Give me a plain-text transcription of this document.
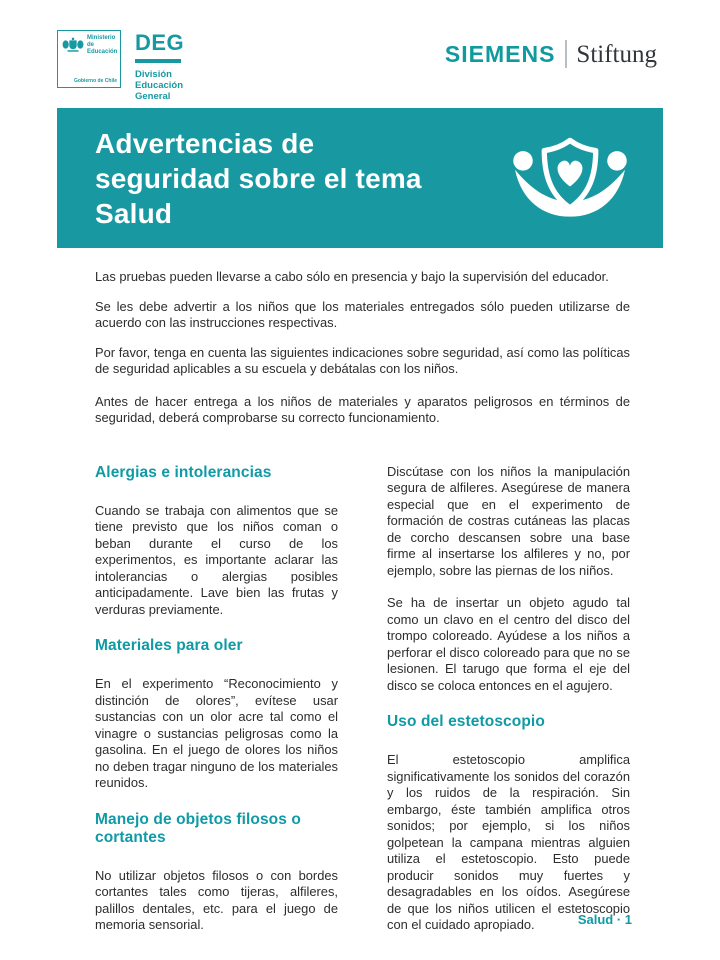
Ministerio de
Educación
Gobierno de Chile
DEG
División
Educación
General
SIEMENS Stiftung
Advertencias de
seguridad sobre el tema
Salud

Las pruebas pueden llevarse a cabo sólo en presencia y bajo la supervisión del educador.

Se les debe advertir a los niños que los materiales entregados sólo pueden utilizarse de acuerdo con las instrucciones respectivas.

Por favor, tenga en cuenta las siguientes indicaciones sobre seguridad, así como las políticas de seguridad aplicables a su escuela y debátalas con los niños.

Antes de hacer entrega a los niños de materiales y aparatos peligrosos en términos de seguridad, deberá comprobarse su correcto funcionamiento.

Alergias e intolerancias

Cuando se trabaja con alimentos que se tiene previsto que los niños coman o beban durante el curso de los experimentos, es importante aclarar las intolerancias o alergias posibles anticipadamente. Lave bien las frutas y verduras previamente.

Materiales para oler

En el experimento “Reconocimiento y distinción de olores”, evítese usar sustancias con un olor acre tal como el vinagre o sustancias peligrosas como la gasolina. En el juego de olores los niños no deben tragar ninguno de los materiales reunidos.

Manejo de objetos filosos o cortantes

No utilizar objetos filosos o con bordes cortantes tales como tijeras, alfileres, palillos dentales, etc. para el juego de memoria sensorial.

Discútase con los niños la manipulación segura de alfileres. Asegúrese de manera especial que en el experimento de formación de costras cutáneas las placas de corcho descansen sobre una base firme al insertarse los alfileres y no, por ejemplo, sobre las piernas de los niños.

Se ha de insertar un objeto agudo tal como un clavo en el centro del disco del trompo coloreado. Ayúdese a los niños a perforar el disco coloreado para que no se lesionen. El tarugo que forma el eje del disco se coloca entonces en el agujero.

Uso del estetoscopio

El estetoscopio amplifica significativamente los sonidos del corazón y los ruidos de la respiración. Sin embargo, éste también amplifica otros sonidos; por ejemplo, si los niños golpetean la campana mientras alguien utiliza el estetoscopio. Esto puede producir sonidos muy fuertes y desagradables en los oídos. Asegúrese de que los niños utilicen el estetoscopio con el cuidado apropiado.	Salud · 1
